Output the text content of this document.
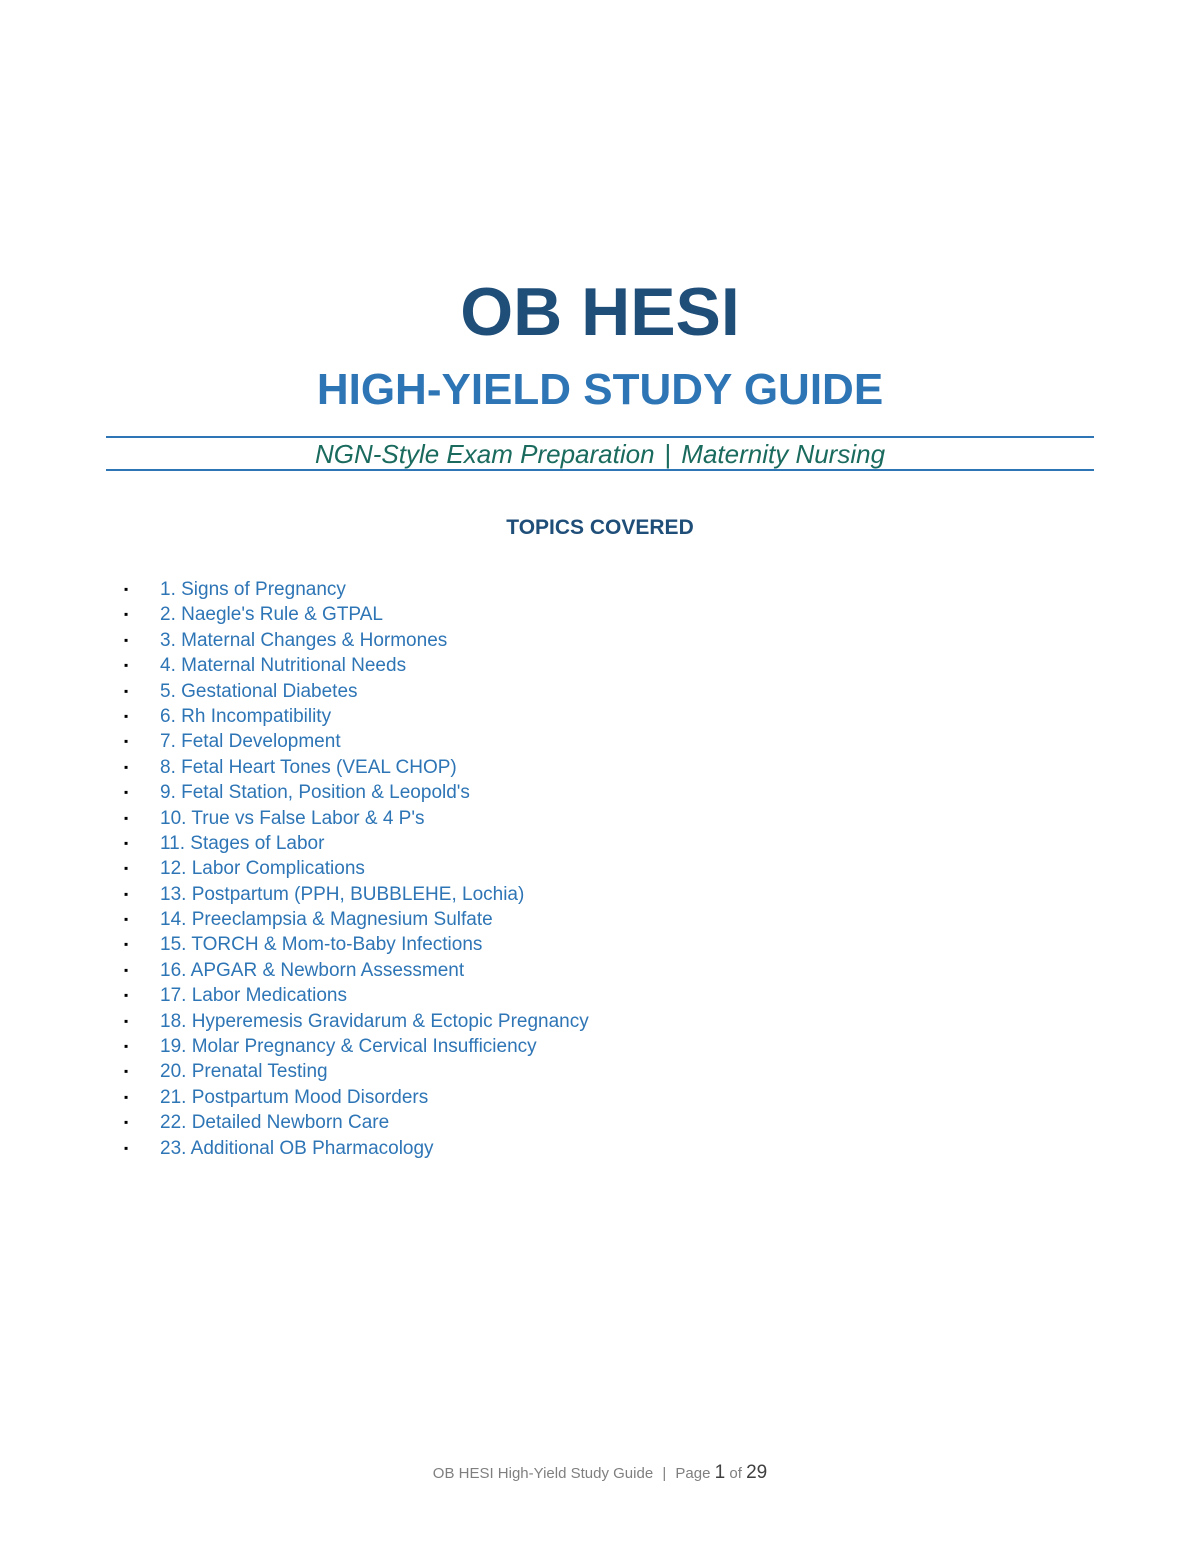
OB HESI
HIGH-YIELD STUDY GUIDE
NGN-Style Exam Preparation | Maternity Nursing
TOPICS COVERED
▪ 1. Signs of Pregnancy
▪ 2. Naegle's Rule & GTPAL
▪ 3. Maternal Changes & Hormones
▪ 4. Maternal Nutritional Needs
▪ 5. Gestational Diabetes
▪ 6. Rh Incompatibility
▪ 7. Fetal Development
▪ 8. Fetal Heart Tones (VEAL CHOP)
▪ 9. Fetal Station, Position & Leopold's
▪ 10. True vs False Labor & 4 P's
▪ 11. Stages of Labor
▪ 12. Labor Complications
▪ 13. Postpartum (PPH, BUBBLEHE, Lochia)
▪ 14. Preeclampsia & Magnesium Sulfate
▪ 15. TORCH & Mom-to-Baby Infections
▪ 16. APGAR & Newborn Assessment
▪ 17. Labor Medications
▪ 18. Hyperemesis Gravidarum & Ectopic Pregnancy
▪ 19. Molar Pregnancy & Cervical Insufficiency
▪ 20. Prenatal Testing
▪ 21. Postpartum Mood Disorders
▪ 22. Detailed Newborn Care
▪ 23. Additional OB Pharmacology
OB HESI High-Yield Study Guide | Page 1 of 29
